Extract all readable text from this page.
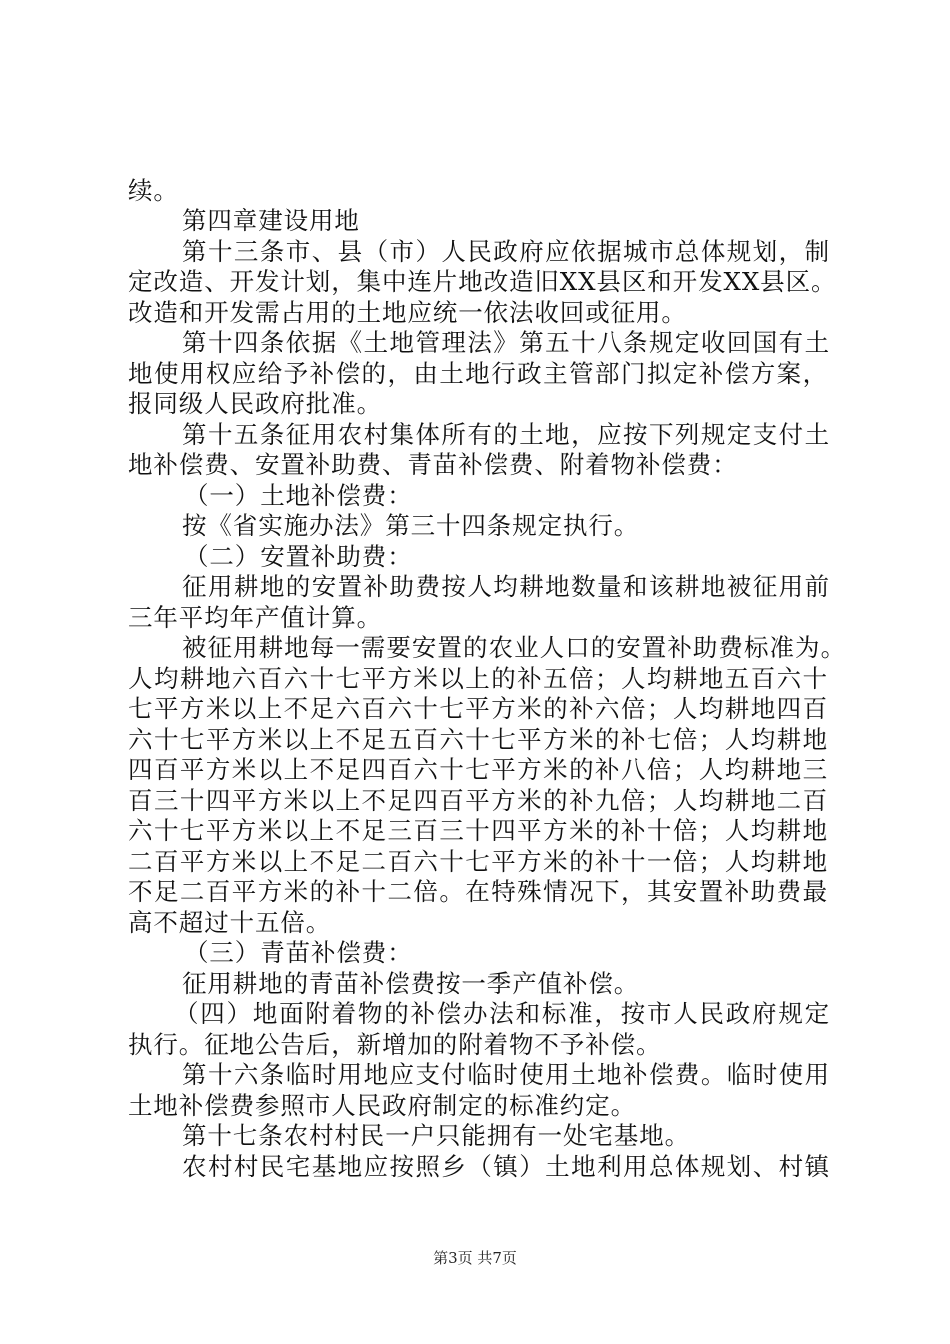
续。
第四章建设用地
第十三条市、县（市）人民政府应依据城市总体规划，制
定改造、开发计划，集中连片地改造旧XX县区和开发XX县区。
改造和开发需占用的土地应统一依法收回或征用。
第十四条依据《土地管理法》第五十八条规定收回国有土
地使用权应给予补偿的，由土地行政主管部门拟定补偿方案，
报同级人民政府批准。
第十五条征用农村集体所有的土地，应按下列规定支付土
地补偿费、安置补助费、青苗补偿费、附着物补偿费：
（一）土地补偿费：
按《省实施办法》第三十四条规定执行。
（二）安置补助费：
征用耕地的安置补助费按人均耕地数量和该耕地被征用前
三年平均年产值计算。
被征用耕地每一需要安置的农业人口的安置补助费标准为。
人均耕地六百六十七平方米以上的补五倍；人均耕地五百六十
七平方米以上不足六百六十七平方米的补六倍；人均耕地四百
六十七平方米以上不足五百六十七平方米的补七倍；人均耕地
四百平方米以上不足四百六十七平方米的补八倍；人均耕地三
百三十四平方米以上不足四百平方米的补九倍；人均耕地二百
六十七平方米以上不足三百三十四平方米的补十倍；人均耕地
二百平方米以上不足二百六十七平方米的补十一倍；人均耕地
不足二百平方米的补十二倍。在特殊情况下，其安置补助费最
高不超过十五倍。
（三）青苗补偿费：
征用耕地的青苗补偿费按一季产值补偿。
（四）地面附着物的补偿办法和标准，按市人民政府规定
执行。征地公告后，新增加的附着物不予补偿。
第十六条临时用地应支付临时使用土地补偿费。临时使用
土地补偿费参照市人民政府制定的标准约定。
第十七条农村村民一户只能拥有一处宅基地。
农村村民宅基地应按照乡（镇）土地利用总体规划、村镇
第3页 共7页
